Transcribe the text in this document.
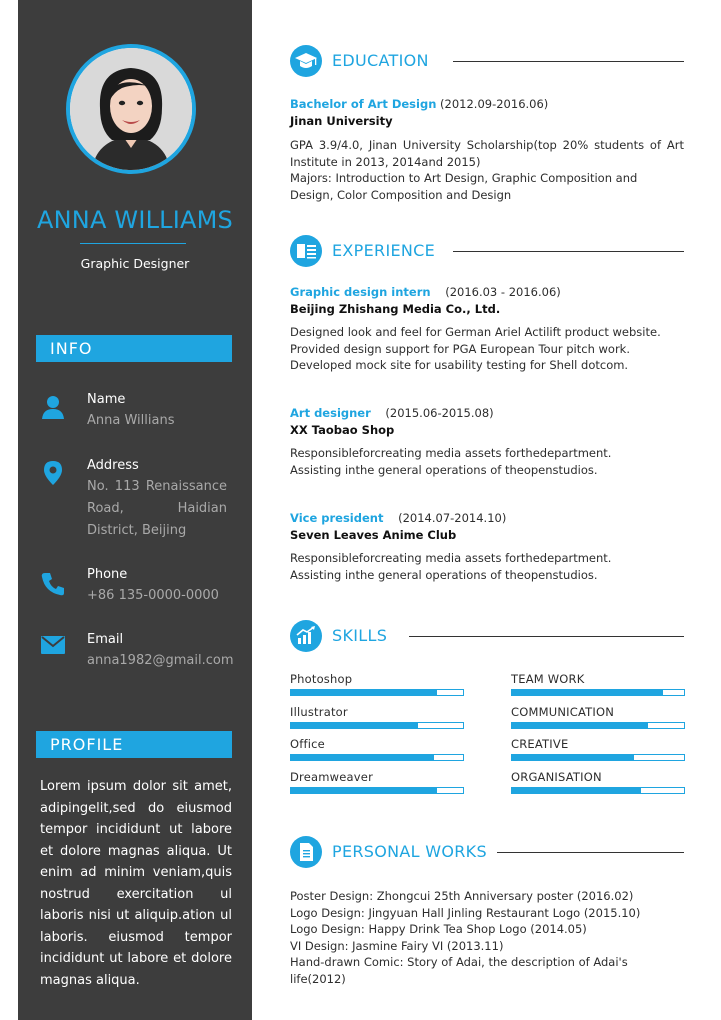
ANNA WILLIAMS
Graphic Designer
INFO
Name
Anna Willians
Address
No. 113 Renaissance Road, Haidian District, Beijing
Phone
+86 135-0000-0000
Email
anna1982@gmail.com
PROFILE
Lorem ipsum dolor sit amet, adipingelit,sed do eiusmod tempor incididunt ut labore et dolore magnas aliqua. Ut enim ad minim veniam,quis nostrud exercitation ul laboris nisi ut aliquip.ation ul laboris. eiusmod tempor incididunt ut labore et dolore magnas aliqua.
EDUCATION
Bachelor of Art Design (2012.09-2016.06)
Jinan University
GPA 3.9/4.0, Jinan University Scholarship(top 20% students of Art Institute in 2013, 2014and 2015)
Majors: Introduction to Art Design, Graphic Composition and Design, Color Composition and Design
EXPERIENCE
Graphic design intern (2016.03 - 2016.06)
Beijing Zhishang Media Co., Ltd.
Designed look and feel for German Ariel Actilift product website.
Provided design support for PGA European Tour pitch work.
Developed mock site for usability testing for Shell dotcom.
Art designer (2015.06-2015.08)
XX Taobao Shop
Responsibleforcreating media assets forthedepartment.
Assisting inthe general operations of theopenstudios.
Vice president (2014.07-2014.10)
Seven Leaves Anime Club
Responsibleforcreating media assets forthedepartment.
Assisting inthe general operations of theopenstudios.
SKILLS
Photoshop	TEAM WORK
Illustrator	COMMUNICATION
Office	CREATIVE
Dreamweaver	ORGANISATION
PERSONAL WORKS
Poster Design: Zhongcui 25th Anniversary poster (2016.02)
Logo Design: Jingyuan Hall Jinling Restaurant Logo (2015.10)
Logo Design: Happy Drink Tea Shop Logo (2014.05)
VI Design: Jasmine Fairy VI (2013.11)
Hand-drawn Comic: Story of Adai, the description of Adai's life(2012)
